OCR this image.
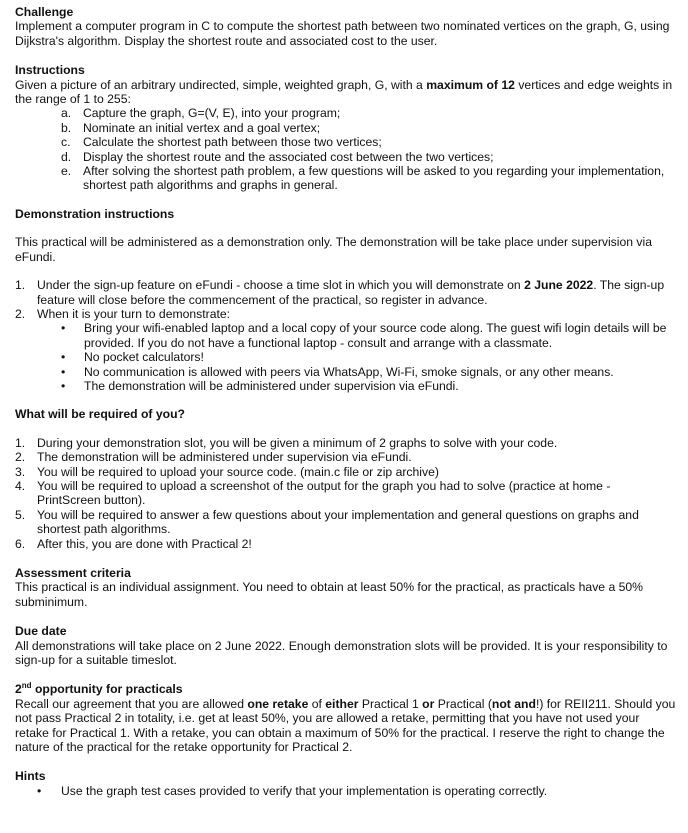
Challenge

Implement a computer program in C to compute the shortest path between two nominated vertices on the graph, G, using Dijkstra's algorithm. Display the shortest route and associated cost to the user.

Instructions

Given a picture of an arbitrary undirected, simple, weighted graph, G, with a maximum of 12 vertices and edge weights in the range of 1 to 255:

a. Capture the graph, G=(V, E), into your program;
b. Nominate an initial vertex and a goal vertex;
c. Calculate the shortest path between those two vertices;
d. Display the shortest route and the associated cost between the two vertices;
e. After solving the shortest path problem, a few questions will be asked to you regarding your implementation, shortest path algorithms and graphs in general.
Demonstration instructions

This practical will be administered as a demonstration only. The demonstration will be take place under supervision via eFundi.

1. Under the sign-up feature on eFundi - choose a time slot in which you will demonstrate on 2 June 2022. The sign-up feature will close before the commencement of the practical, so register in advance.
2. When it is your turn to demonstrate:
• Bring your wifi-enabled laptop and a local copy of your source code along. The guest wifi login details will be provided. If you do not have a functional laptop - consult and arrange with a classmate.
• No pocket calculators!
• No communication is allowed with peers via WhatsApp, Wi-Fi, smoke signals, or any other means.
• The demonstration will be administered under supervision via eFundi.
What will be required of you?
1. During your demonstration slot, you will be given a minimum of 2 graphs to solve with your code.
2. The demonstration will be administered under supervision via eFundi.
3. You will be required to upload your source code. (main.c file or zip archive)
4. You will be required to upload a screenshot of the output for the graph you had to solve (practice at home - PrintScreen button).
5. You will be required to answer a few questions about your implementation and general questions on graphs and shortest path algorithms.
6. After this, you are done with Practical 2!
Assessment criteria

This practical is an individual assignment. You need to obtain at least 50% for the practical, as practicals have a 50% subminimum.

Due date

All demonstrations will take place on 2 June 2022. Enough demonstration slots will be provided. It is your responsibility to sign-up for a suitable timeslot.

2nd opportunity for practicals

Recall our agreement that you are allowed one retake of either Practical 1 or Practical (not and!) for REII211. Should you not pass Practical 2 in totality, i.e. get at least 50%, you are allowed a retake, permitting that you have not used your retake for Practical 1. With a retake, you can obtain a maximum of 50% for the practical. I reserve the right to change the nature of the practical for the retake opportunity for Practical 2.

Hints
• Use the graph test cases provided to verify that your implementation is operating correctly.
